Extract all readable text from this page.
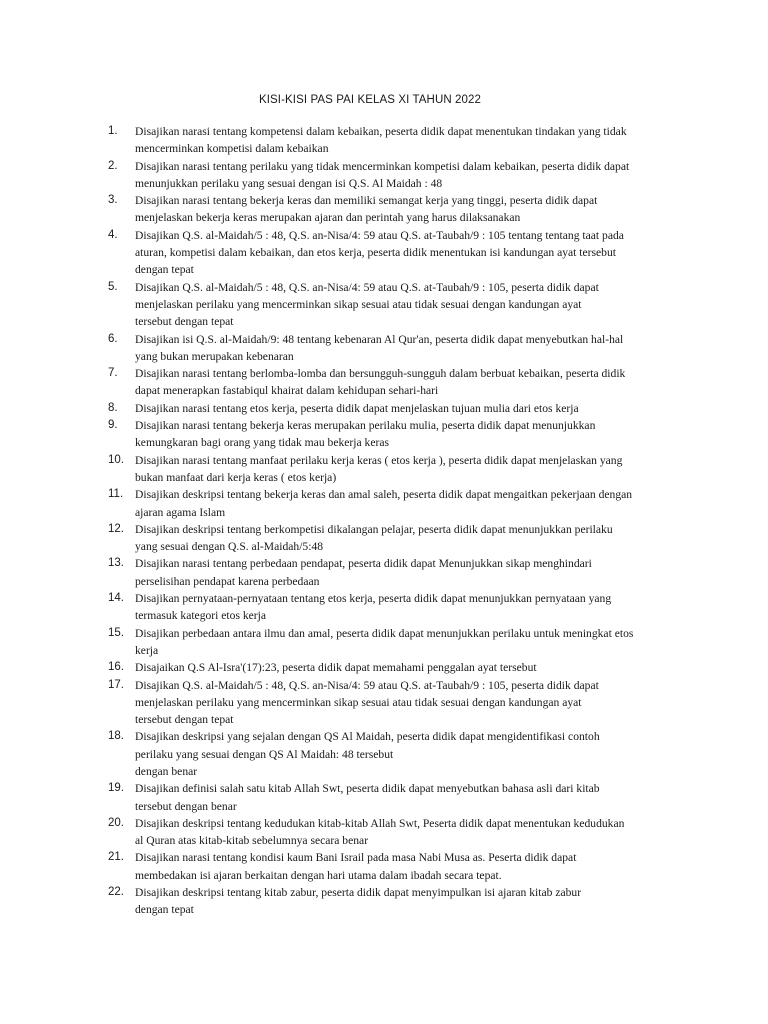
KISI-KISI PAS PAI KELAS XI TAHUN 2022
1. Disajikan narasi tentang kompetensi dalam kebaikan, peserta didik dapat menentukan tindakan yang tidak
mencerminkan kompetisi dalam kebaikan
2. Disajikan narasi tentang perilaku yang tidak mencerminkan kompetisi dalam kebaikan, peserta didik dapat
menunjukkan perilaku yang sesuai dengan isi Q.S. Al Maidah : 48
3. Disajikan narasi tentang bekerja keras dan memiliki semangat kerja yang tinggi, peserta didik dapat
menjelaskan bekerja keras merupakan ajaran dan perintah yang harus dilaksanakan
4. Disajikan Q.S. al-Maidah/5 : 48, Q.S. an-Nisa/4: 59 atau Q.S. at-Taubah/9 : 105 tentang tentang taat pada
aturan, kompetisi dalam kebaikan, dan etos kerja, peserta didik menentukan isi kandungan ayat tersebut
dengan tepat
5. Disajikan Q.S. al-Maidah/5 : 48, Q.S. an-Nisa/4: 59 atau Q.S. at-Taubah/9 : 105, peserta didik dapat
menjelaskan perilaku yang mencerminkan sikap sesuai atau tidak sesuai dengan kandungan ayat
tersebut dengan tepat
6. Disajikan isi Q.S. al-Maidah/9: 48 tentang kebenaran Al Qur'an, peserta didik dapat menyebutkan hal-hal
yang bukan merupakan kebenaran
7. Disajikan narasi tentang berlomba-lomba dan bersungguh-sungguh dalam berbuat kebaikan, peserta didik
dapat menerapkan fastabiqul khairat dalam kehidupan sehari-hari
8. Disajikan narasi tentang etos kerja, peserta didik dapat menjelaskan tujuan mulia dari etos kerja
9. Disajikan narasi tentang bekerja keras merupakan perilaku mulia, peserta didik dapat menunjukkan
kemungkaran bagi orang yang tidak mau bekerja keras
10. Disajikan narasi tentang manfaat perilaku kerja keras ( etos kerja ), peserta didik dapat menjelaskan yang
bukan manfaat dari kerja keras ( etos kerja)
11. Disajikan deskripsi tentang bekerja keras dan amal saleh, peserta didik dapat mengaitkan pekerjaan dengan
ajaran agama Islam
12. Disajikan deskripsi tentang berkompetisi dikalangan pelajar, peserta didik dapat menunjukkan perilaku
yang sesuai dengan Q.S. al-Maidah/5:48
13. Disajikan narasi tentang perbedaan pendapat, peserta didik dapat Menunjukkan sikap menghindari
perselisihan pendapat karena perbedaan
14. Disajikan pernyataan-pernyataan tentang etos kerja, peserta didik dapat menunjukkan pernyataan yang
termasuk kategori etos kerja
15. Disajikan perbedaan antara ilmu dan amal, peserta didik dapat menunjukkan perilaku untuk meningkat etos
kerja
16. Disajaikan Q.S Al-Isra'(17):23, peserta didik dapat memahami penggalan ayat tersebut
17. Disajikan Q.S. al-Maidah/5 : 48, Q.S. an-Nisa/4: 59 atau Q.S. at-Taubah/9 : 105, peserta didik dapat
menjelaskan perilaku yang mencerminkan sikap sesuai atau tidak sesuai dengan kandungan ayat
tersebut dengan tepat
18. Disajikan deskripsi yang sejalan dengan QS Al Maidah, peserta didik dapat mengidentifikasi contoh
perilaku yang sesuai dengan QS Al Maidah: 48 tersebut
dengan benar
19. Disajikan definisi salah satu kitab Allah Swt, peserta didik dapat menyebutkan bahasa asli dari kitab
tersebut dengan benar
20. Disajikan deskripsi tentang kedudukan kitab-kitab Allah Swt, Peserta didik dapat menentukan kedudukan
al Quran atas kitab-kitab sebelumnya secara benar
21. Disajikan narasi tentang kondisi kaum Bani Israil pada masa Nabi Musa as. Peserta didik dapat
membedakan isi ajaran berkaitan dengan hari utama dalam ibadah secara tepat.
22. Disajikan deskripsi tentang kitab zabur, peserta didik dapat menyimpulkan isi ajaran kitab zabur
dengan tepat
